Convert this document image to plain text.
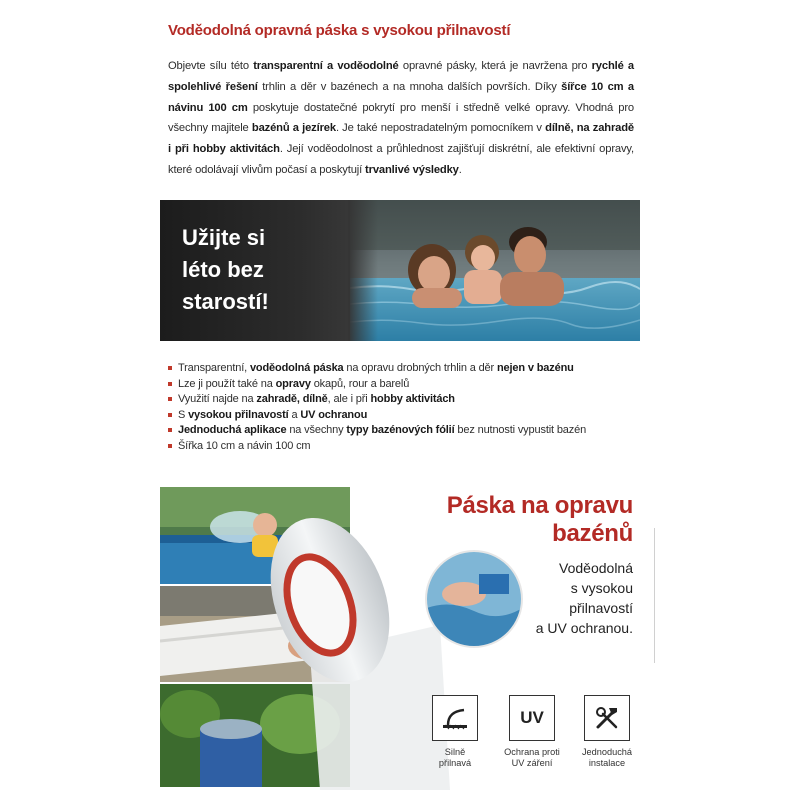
Voděodolná opravná páska s vysokou přilnavostí

Objevte sílu této transparentní a voděodolné opravné pásky, která je navržena pro rychlé a spolehlivé řešení trhlin a děr v bazénech a na mnoha dalších površích. Díky šířce 10 cm a návinu 100 cm poskytuje dostatečné pokrytí pro menší i středně velké opravy. Vhodná pro všechny majitele bazénů a jezírek. Je také nepostradatelným pomocníkem v dílně, na zahradě i při hobby aktivitách. Její voděodolnost a průhlednost zajišťují diskrétní, ale efektivní opravy, které odolávají vlivům počasí a poskytují trvanlivé výsledky.

Užijte si
léto bez
starostí!
Transparentní, voděodolná páska na opravu drobných trhlin a děr nejen v bazénu
Lze ji použít také na opravy okapů, rour a barelů
Využití najde na zahradě, dílně, ale i při hobby aktivitách
S vysokou přilnavostí a UV ochranou
Jednoduchá aplikace na všechny typy bazénových fólií bez nutnosti vypustit bazén
Šířka 10 cm a návin 100 cm
Páska na opravu
bazénů
Voděodolná
s vysokou
přilnavostí
a UV ochranou.
Silně
přilnavá
UV
Ochrana proti
UV záření
Jednoduchá
instalace
